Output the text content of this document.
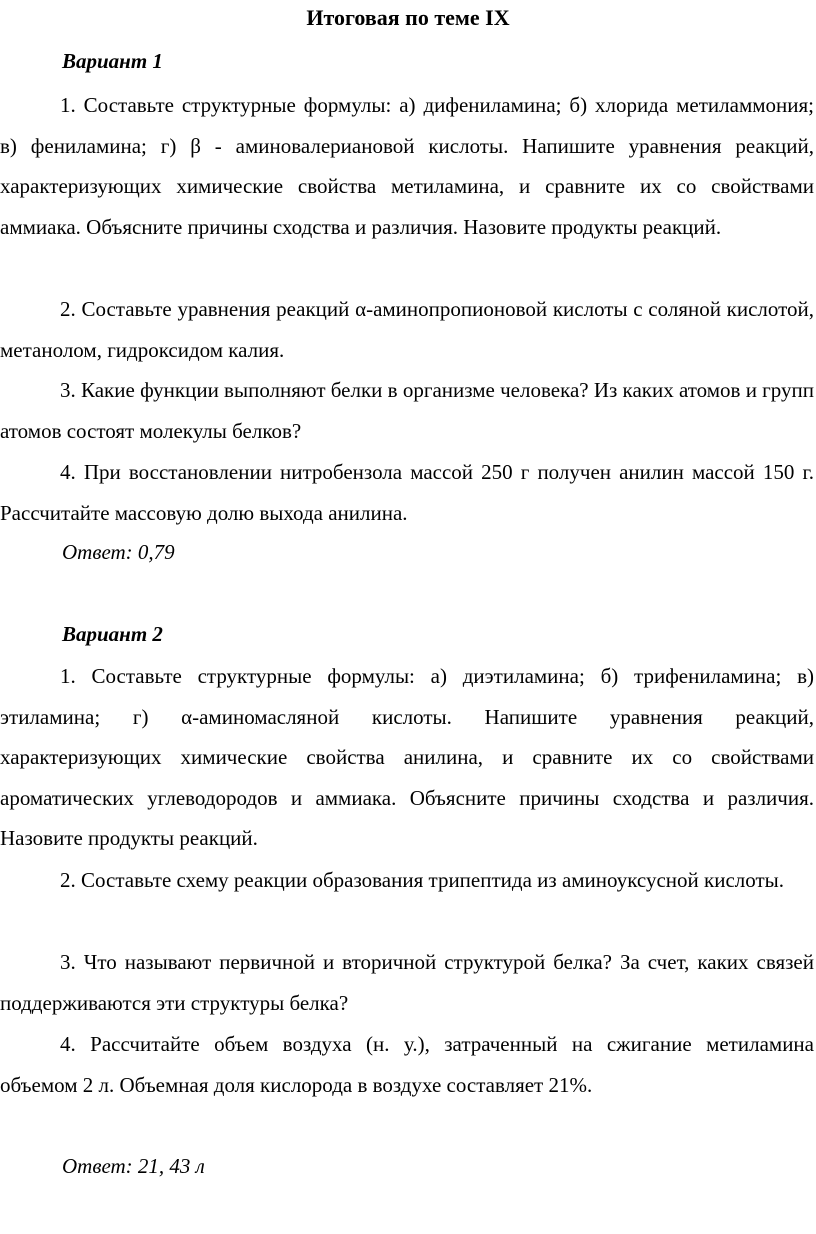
Итоговая по теме IX
Вариант 1
1. Составьте структурные формулы: а) дифениламина; б) хлорида метиламмония; в) фениламина; г) β - аминовалериановой кислоты. Напишите уравнения реакций, характеризующих химические свойства метиламина, и сравните их со свойствами аммиака. Объясните причины сходства и различия. Назовите продукты реакций.
2. Составьте уравнения реакций α-аминопропионовой кислоты с соляной кислотой, метанолом, гидроксидом калия.
3. Какие функции выполняют белки в организме человека? Из каких атомов и групп атомов состоят молекулы белков?
4. При восстановлении нитробензола массой 250 г получен анилин массой 150 г. Рассчитайте массовую долю выхода анилина.
Ответ: 0,79
Вариант 2
1. Составьте структурные формулы: а) диэтиламина; б) трифениламина; в) этиламина; г) α-аминомасляной кислоты. Напишите уравнения реакций, характеризующих химические свойства анилина, и сравните их со свойствами ароматических углеводородов и аммиака. Объясните причины сходства и различия. Назовите продукты реакций.
2. Составьте схему реакции образования трипептида из аминоуксусной кислоты.
3. Что называют первичной и вторичной структурой белка? За счет, каких связей поддерживаются эти структуры белка?
4. Рассчитайте объем воздуха (н. у.), затраченный на сжигание метиламина объемом 2 л. Объемная доля кислорода в воздухе составляет 21%.
Ответ: 21, 43 л
